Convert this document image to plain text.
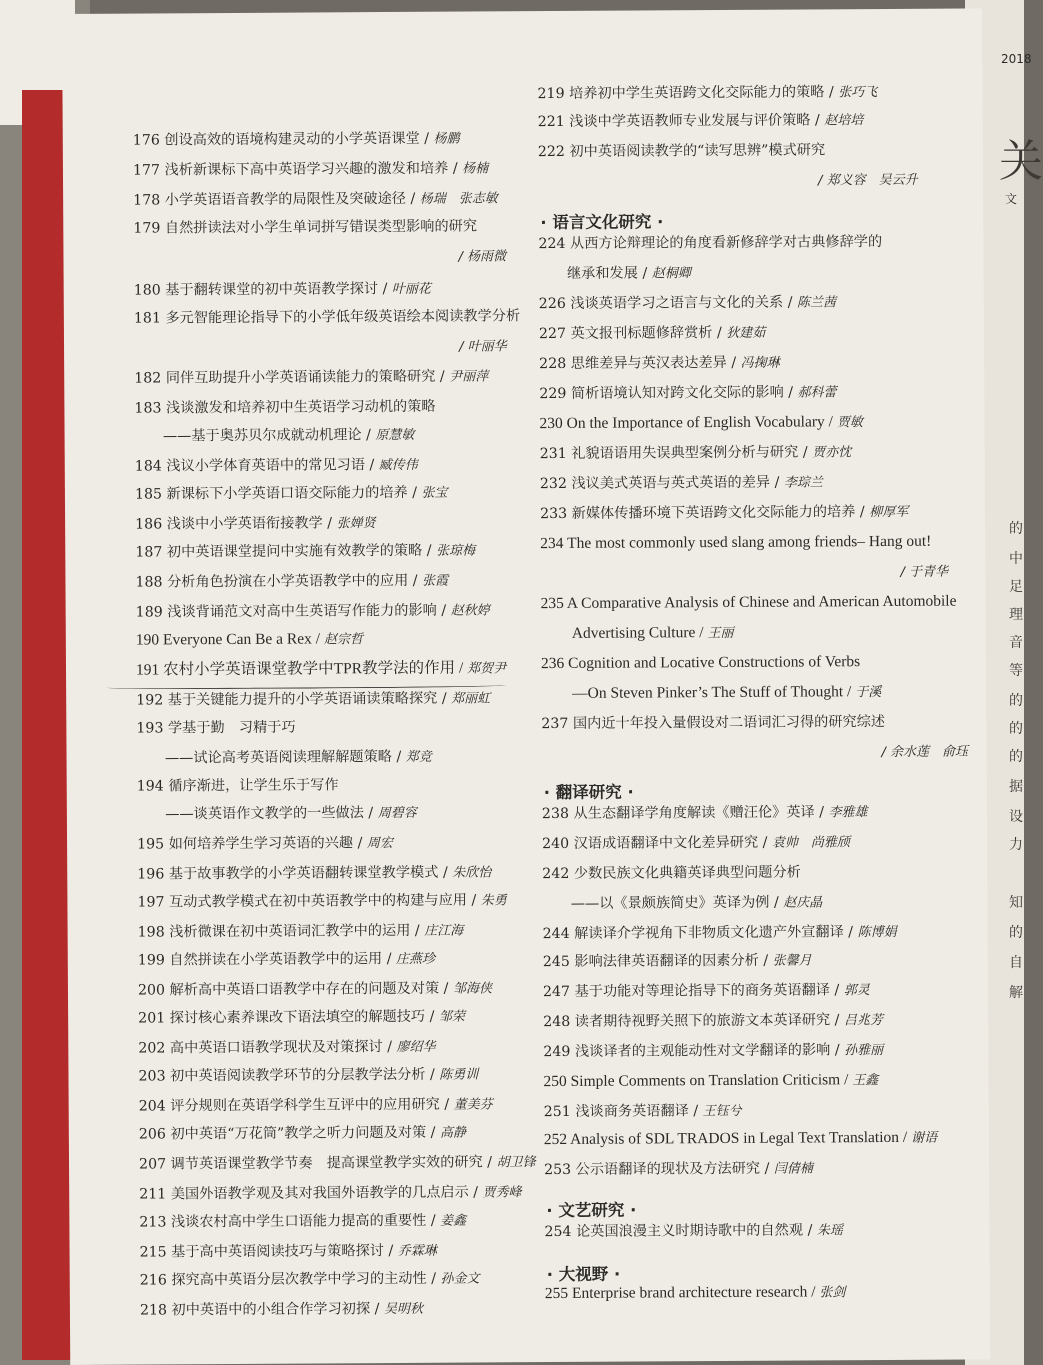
2018
关
文
的
中
足
理
音
等
的
的
的
据
设
力
知
的
自
解
176 创设高效的语境构建灵动的小学英语课堂 / 杨鹏
177 浅析新课标下高中英语学习兴趣的激发和培养 / 杨楠
178 小学英语语音教学的局限性及突破途径 / 杨瑞　张志敏
179 自然拼读法对小学生单词拼写错误类型影响的研究
/ 杨雨微
180 基于翻转课堂的初中英语教学探讨 / 叶丽花
181 多元智能理论指导下的小学低年级英语绘本阅读教学分析
/ 叶丽华
182 同伴互助提升小学英语诵读能力的策略研究 / 尹丽萍
183 浅谈激发和培养初中生英语学习动机的策略
　　——基于奥苏贝尔成就动机理论 / 原慧敏
184 浅议小学体育英语中的常见习语 / 臧传伟
185 新课标下小学英语口语交际能力的培养 / 张宝
186 浅谈中小学英语衔接教学 / 张婵贤
187 初中英语课堂提问中实施有效教学的策略 / 张琼梅
188 分析角色扮演在小学英语教学中的应用 / 张霞
189 浅谈背诵范文对高中生英语写作能力的影响 / 赵秋婷
190 Everyone Can Be a Rex / 赵宗哲
191 农村小学英语课堂教学中TPR教学法的作用 / 郑贺尹
192 基于关键能力提升的小学英语诵读策略探究 / 郑丽虹
193 学基于勤　习精于巧
　　——试论高考英语阅读理解解题策略 / 郑竞
194 循序渐进，让学生乐于写作
　　——谈英语作文教学的一些做法 / 周碧容
195 如何培养学生学习英语的兴趣 / 周宏
196 基于故事教学的小学英语翻转课堂教学模式 / 朱欣怡
197 互动式教学模式在初中英语教学中的构建与应用 / 朱勇
198 浅析微课在初中英语词汇教学中的运用 / 庄江海
199 自然拼读在小学英语教学中的运用 / 庄燕珍
200 解析高中英语口语教学中存在的问题及对策 / 邹海侠
201 探讨核心素养课改下语法填空的解题技巧 / 邹荣
202 高中英语口语教学现状及对策探讨 / 廖绍华
203 初中英语阅读教学环节的分层教学法分析 / 陈勇训
204 评分规则在英语学科学生互评中的应用研究 / 董美芬
206 初中英语“万花筒”教学之听力问题及对策 / 高静
207 调节英语课堂教学节奏　提高课堂教学实效的研究 / 胡卫锋
211 美国外语教学观及其对我国外语教学的几点启示 / 贾秀峰
213 浅谈农村高中学生口语能力提高的重要性 / 姜鑫
215 基于高中英语阅读技巧与策略探讨 / 乔霖琳
216 探究高中英语分层次教学中学习的主动性 / 孙金文
218 初中英语中的小组合作学习初探 / 吴明秋
219 培养初中学生英语跨文化交际能力的策略 / 张巧飞
221 浅谈中学英语教师专业发展与评价策略 / 赵培培
222 初中英语阅读教学的“读写思辨”模式研究
/ 郑义容　吴云升
· 语言文化研究 ·
224 从西方论辩理论的角度看新修辞学对古典修辞学的
　　继承和发展 / 赵桐卿
226 浅谈英语学习之语言与文化的关系 / 陈兰茜
227 英文报刊标题修辞赏析 / 狄建茹
228 思维差异与英汉表达差异 / 冯掬琳
229 简析语境认知对跨文化交际的影响 / 郝科蕾
230 On the Importance of English Vocabulary / 贾敏
231 礼貌语语用失误典型案例分析与研究 / 贾亦忱
232 浅议美式英语与英式英语的差异 / 李琮兰
233 新媒体传播环境下英语跨文化交际能力的培养 / 柳厚军
234 The most commonly used slang among friends– Hang out!
/ 于青华
235 A Comparative Analysis of Chinese and American Automobile
　　Advertising Culture / 王丽
236 Cognition and Locative Constructions of Verbs
　　—On Steven Pinker’s The Stuff of Thought / 于溪
237 国内近十年投入量假设对二语词汇习得的研究综述
/ 余水莲　俞珏
· 翻译研究 ·
238 从生态翻译学角度解读《赠汪伦》英译 / 李雅雄
240 汉语成语翻译中文化差异研究 / 袁帅　尚雅颀
242 少数民族文化典籍英译典型问题分析
　　——以《景颇族简史》英译为例 / 赵庆晶
244 解读译介学视角下非物质文化遗产外宣翻译 / 陈博娟
245 影响法律英语翻译的因素分析 / 张馨月
247 基于功能对等理论指导下的商务英语翻译 / 郭灵
248 读者期待视野关照下的旅游文本英译研究 / 吕兆芳
249 浅谈译者的主观能动性对文学翻译的影响 / 孙雅丽
250 Simple Comments on Translation Criticism / 王鑫
251 浅谈商务英语翻译 / 王钰兮
252 Analysis of SDL TRADOS in Legal Text Translation / 谢语
253 公示语翻译的现状及方法研究 / 闫倩楠
· 文艺研究 ·
254 论英国浪漫主义时期诗歌中的自然观 / 朱瑶
· 大视野 ·
255 Enterprise brand architecture research / 张剑
